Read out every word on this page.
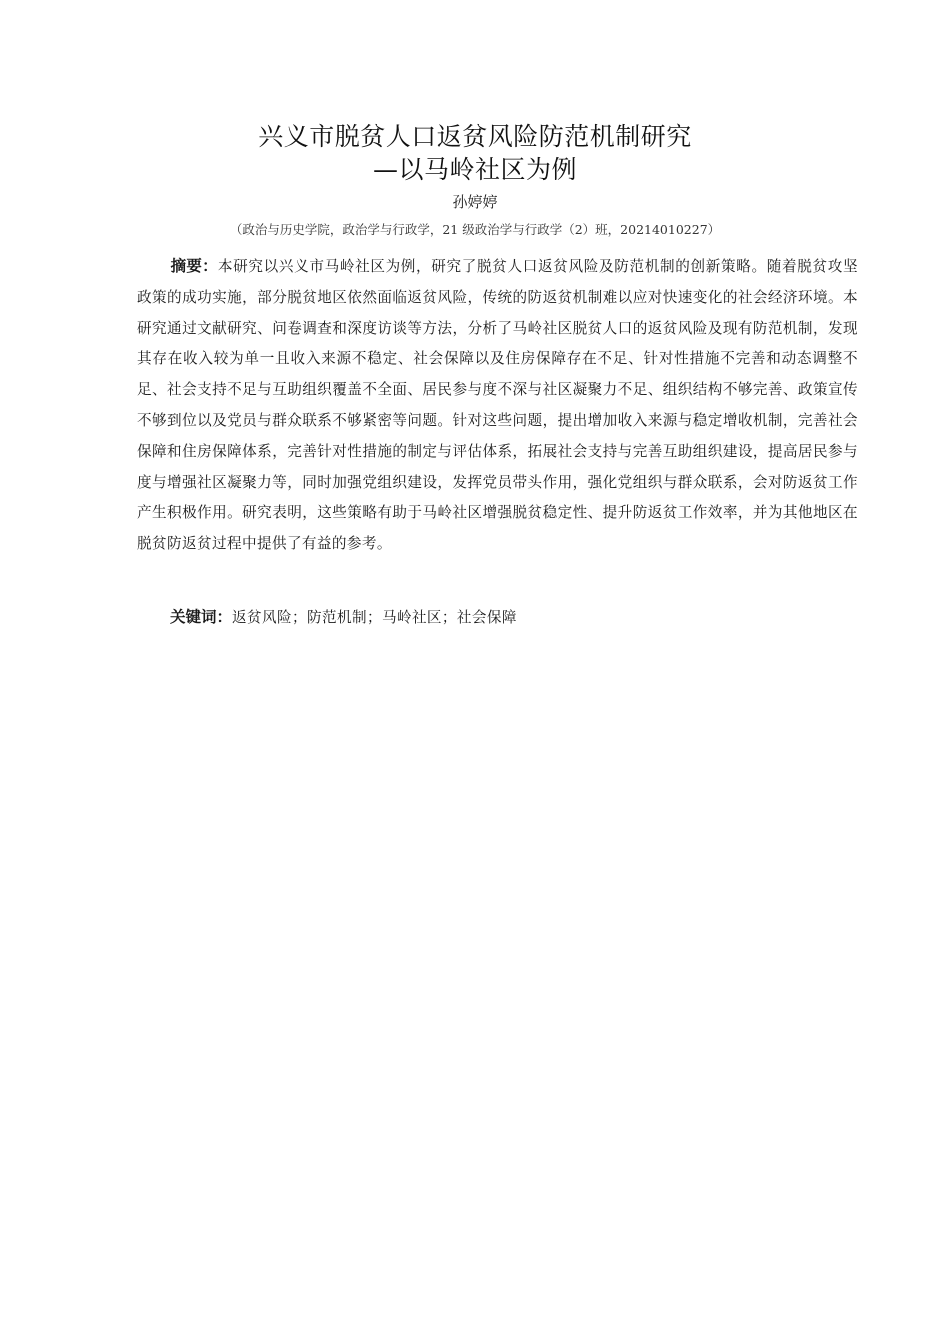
兴义市脱贫人口返贫风险防范机制研究
—以马岭社区为例
孙婷婷
（政治与历史学院，政治学与行政学，21 级政治学与行政学（2）班，20214010227）

摘要：本研究以兴义市马岭社区为例，研究了脱贫人口返贫风险及防范机制的创新策略。随着脱贫攻坚政策的成功实施，部分脱贫地区依然面临返贫风险，传统的防返贫机制难以应对快速变化的社会经济环境。本研究通过文献研究、问卷调查和深度访谈等方法，分析了马岭社区脱贫人口的返贫风险及现有防范机制，发现其存在收入较为单一且收入来源不稳定、社会保障以及住房保障存在不足、针对性措施不完善和动态调整不足、社会支持不足与互助组织覆盖不全面、居民参与度不深与社区凝聚力不足、组织结构不够完善、政策宣传不够到位以及党员与群众联系不够紧密等问题。针对这些问题，提出增加收入来源与稳定增收机制，完善社会保障和住房保障体系，完善针对性措施的制定与评估体系，拓展社会支持与完善互助组织建设，提高居民参与度与增强社区凝聚力等，同时加强党组织建设，发挥党员带头作用，强化党组织与群众联系，会对防返贫工作产生积极作用。研究表明，这些策略有助于马岭社区增强脱贫稳定性、提升防返贫工作效率，并为其他地区在脱贫防返贫过程中提供了有益的参考。

关键词：返贫风险；防范机制；马岭社区；社会保障
